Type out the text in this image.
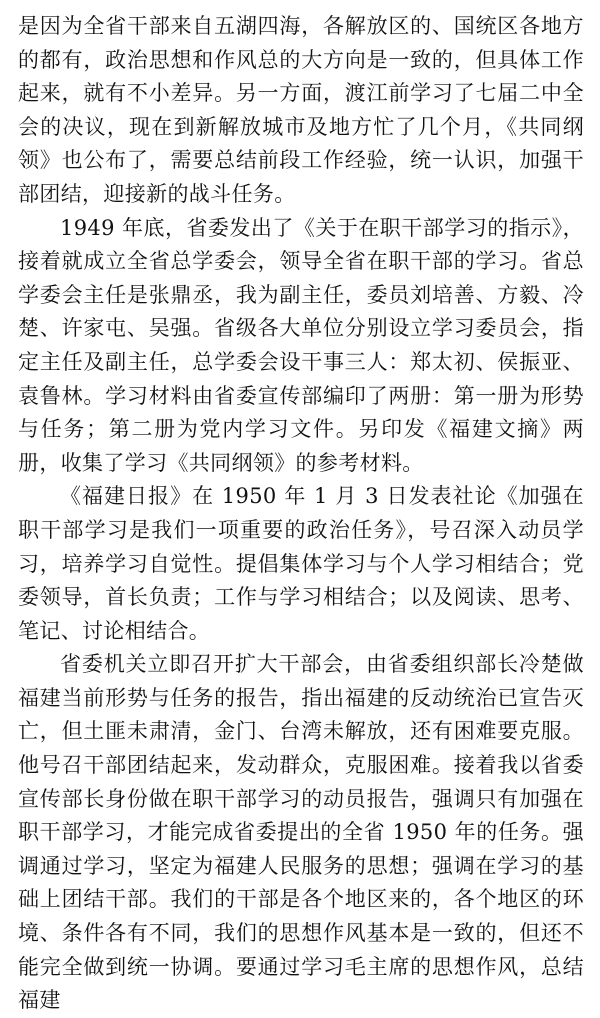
是因为全省干部来自五湖四海，各解放区的、国统区各地方的都有，政治思想和作风总的大方向是一致的，但具体工作起来，就有不小差异。另一方面，渡江前学习了七届二中全会的决议，现在到新解放城市及地方忙了几个月，《共同纲领》也公布了，需要总结前段工作经验，统一认识，加强干部团结，迎接新的战斗任务。

1949 年底，省委发出了《关于在职干部学习的指示》，接着就成立全省总学委会，领导全省在职干部的学习。省总学委会主任是张鼎丞，我为副主任，委员刘培善、方毅、冷楚、许家屯、吴强。省级各大单位分别设立学习委员会，指定主任及副主任，总学委会设干事三人：郑太初、侯振亚、袁鲁林。学习材料由省委宣传部编印了两册：第一册为形势与任务；第二册为党内学习文件。另印发《福建文摘》两册，收集了学习《共同纲领》的参考材料。

《福建日报》在 1950 年 1 月 3 日发表社论《加强在职干部学习是我们一项重要的政治任务》，号召深入动员学习，培养学习自觉性。提倡集体学习与个人学习相结合；党委领导，首长负责；工作与学习相结合；以及阅读、思考、笔记、讨论相结合。

省委机关立即召开扩大干部会，由省委组织部长冷楚做福建当前形势与任务的报告，指出福建的反动统治已宣告灭亡，但土匪未肃清，金门、台湾未解放，还有困难要克服。他号召干部团结起来，发动群众，克服困难。接着我以省委宣传部长身份做在职干部学习的动员报告，强调只有加强在职干部学习，才能完成省委提出的全省 1950 年的任务。强调通过学习，坚定为福建人民服务的思想；强调在学习的基础上团结干部。我们的干部是各个地区来的，各个地区的环境、条件各有不同，我们的思想作风基本是一致的，但还不能完全做到统一协调。要通过学习毛主席的思想作风，总结福建
